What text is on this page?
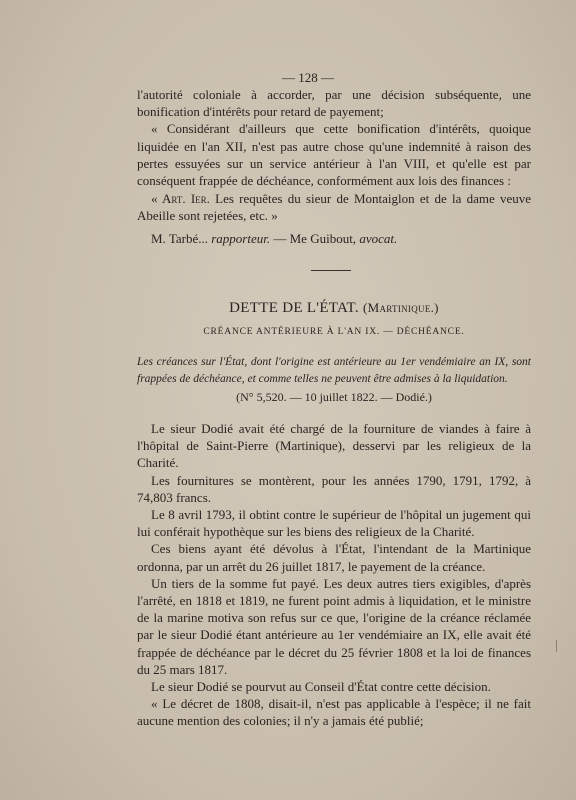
— 128 —

l'autorité coloniale à accorder, par une décision subséquente, une bonification d'intérêts pour retard de payement;

« Considérant d'ailleurs que cette bonification d'intérêts, quoique liquidée en l'an XII, n'est pas autre chose qu'une indemnité à raison des pertes essuyées sur un service antérieur à l'an VIII, et qu'elle est par conséquent frappée de déchéance, conformément aux lois des finances :

« Art. Ier. Les requêtes du sieur de Montaiglon et de la dame veuve Abeille sont rejetées, etc. »

M. Tarbé... rapporteur. — Me Guibout, avocat.

DETTE DE L'ÉTAT. (Martinique.)
CRÉANCE ANTÉRIEURE À L'AN IX. — DÉCHÉANCE.
Les créances sur l'État, dont l'origine est antérieure au 1er vendémiaire an IX, sont frappées de déchéance, et comme telles ne peuvent être admises à la liquidation.
(N° 5,520. — 10 juillet 1822. — Dodié.)

Le sieur Dodié avait été chargé de la fourniture de viandes à faire à l'hôpital de Saint-Pierre (Martinique), desservi par les religieux de la Charité.

Les fournitures se montèrent, pour les années 1790, 1791, 1792, à 74,803 francs.

Le 8 avril 1793, il obtint contre le supérieur de l'hôpital un jugement qui lui conférait hypothèque sur les biens des religieux de la Charité.

Ces biens ayant été dévolus à l'État, l'intendant de la Martinique ordonna, par un arrêt du 26 juillet 1817, le payement de la créance.

Un tiers de la somme fut payé. Les deux autres tiers exigibles, d'après l'arrêté, en 1818 et 1819, ne furent point admis à liquidation, et le ministre de la marine motiva son refus sur ce que, l'origine de la créance réclamée par le sieur Dodié étant antérieure au 1er vendémiaire an IX, elle avait été frappée de déchéance par le décret du 25 février 1808 et la loi de finances du 25 mars 1817.

Le sieur Dodié se pourvut au Conseil d'État contre cette décision.

« Le décret de 1808, disait-il, n'est pas applicable à l'espèce; il ne fait aucune mention des colonies; il n'y a jamais été publié;
